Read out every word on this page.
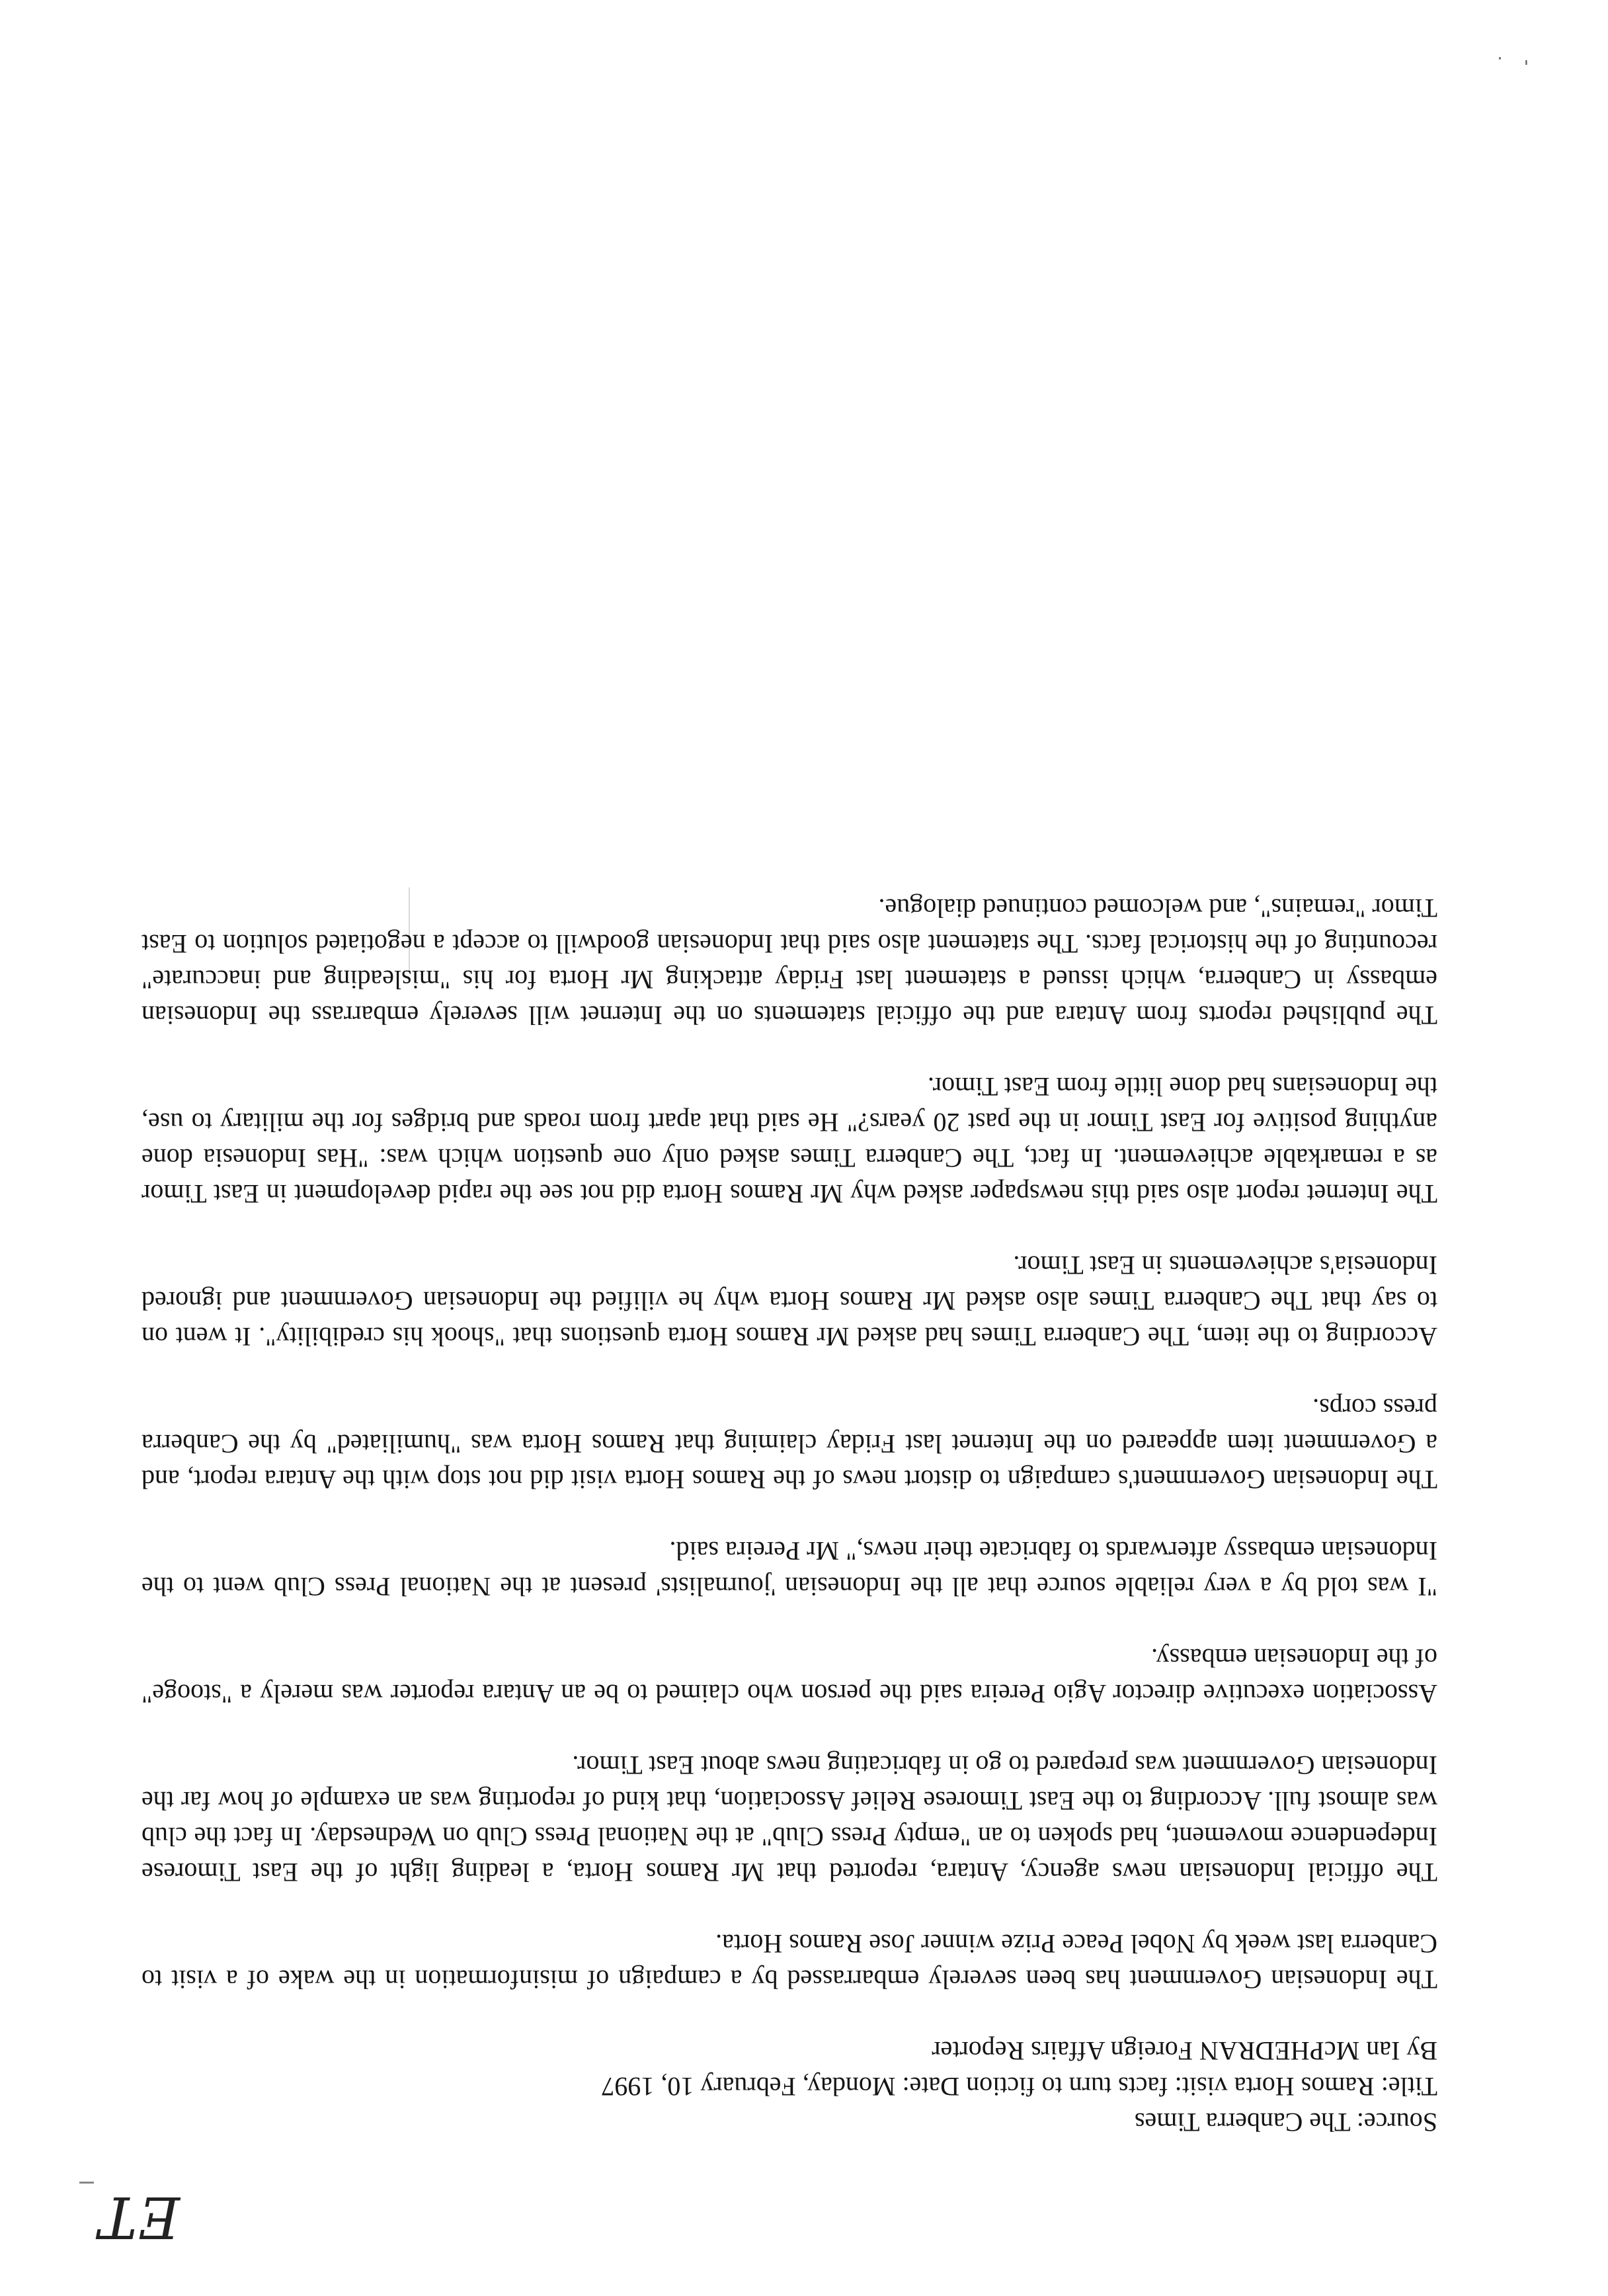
ET
' ·

Source: The Canberra Times

Title: Ramos Horta visit: facts turn to fiction Date: Monday, February 10, 1997

By Ian McPHEDRAN Foreign Affairs Reporter

The Indonesian Government has been severely embarrassed by a campaign of misinformation in the wake of a visit to Canberra last week by Nobel Peace Prize winner Jose Ramos Horta.

The official Indonesian news agency, Antara, reported that Mr Ramos Horta, a leading light of the East Timorese Independence movement, had spoken to an "empty Press Club" at the National Press Club on Wednesday. In fact the club was almost full. According to the East Timorese Relief Association, that kind of reporting was an example of how far the Indonesian Government was prepared to go in fabricating news about East Timor.

Association executive director Agio Pereira said the person who claimed to be an Antara reporter was merely a "stooge" of the Indonesian embassy.

"I was told by a very reliable source that all the Indonesian 'journalists' present at the National Press Club went to the Indonesian embassy afterwards to fabricate their news," Mr Pereira said.

The Indonesian Government's campaign to distort news of the Ramos Horta visit did not stop with the Antara report, and a Government item appeared on the Internet last Friday claiming that Ramos Horta was "humiliated" by the Canberra press corps.

According to the item, The Canberra Times had asked Mr Ramos Horta questions that "shook his credibility". It went on to say that The Canberra Times also asked Mr Ramos Horta why he vilified the Indonesian Government and ignored Indonesia's achievements in East Timor.

The Internet report also said this newspaper asked why Mr Ramos Horta did not see the rapid development in East Timor as a remarkable achievement. In fact, The Canberra Times asked only one question which was: "Has Indonesia done anything positive for East Timor in the past 20 years?" He said that apart from roads and bridges for the military to use, the Indonesians had done little from East Timor.

The published reports from Antara and the official statements on the Internet will severely embarrass the Indonesian embassy in Canberra, which issued a statement last Friday attacking Mr Horta for his "misleading and inaccurate" recounting of the historical facts. The statement also said that Indonesian goodwill to accept a negotiated solution to East Timor "remains", and welcomed continued dialogue.
